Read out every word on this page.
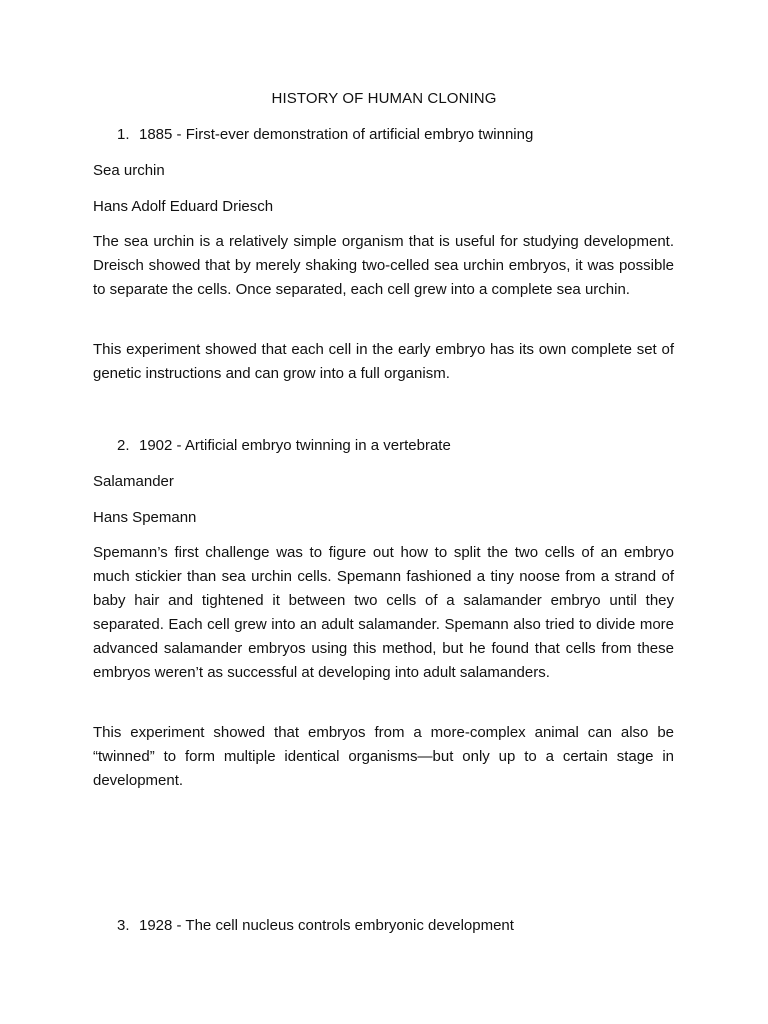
HISTORY OF HUMAN CLONING
1. 1885 - First-ever demonstration of artificial embryo twinning
Sea urchin
Hans Adolf Eduard Driesch
The sea urchin is a relatively simple organism that is useful for studying development. Dreisch showed that by merely shaking two-celled sea urchin embryos, it was possible to separate the cells. Once separated, each cell grew into a complete sea urchin.
This experiment showed that each cell in the early embryo has its own complete set of genetic instructions and can grow into a full organism.
2. 1902 - Artificial embryo twinning in a vertebrate
Salamander
Hans Spemann
Spemann’s first challenge was to figure out how to split the two cells of an embryo much stickier than sea urchin cells. Spemann fashioned a tiny noose from a strand of baby hair and tightened it between two cells of a salamander embryo until they separated. Each cell grew into an adult salamander. Spemann also tried to divide more advanced salamander embryos using this method, but he found that cells from these embryos weren’t as successful at developing into adult salamanders.
This experiment showed that embryos from a more-complex animal can also be “twinned” to form multiple identical organisms—but only up to a certain stage in development.
3. 1928 - The cell nucleus controls embryonic development
